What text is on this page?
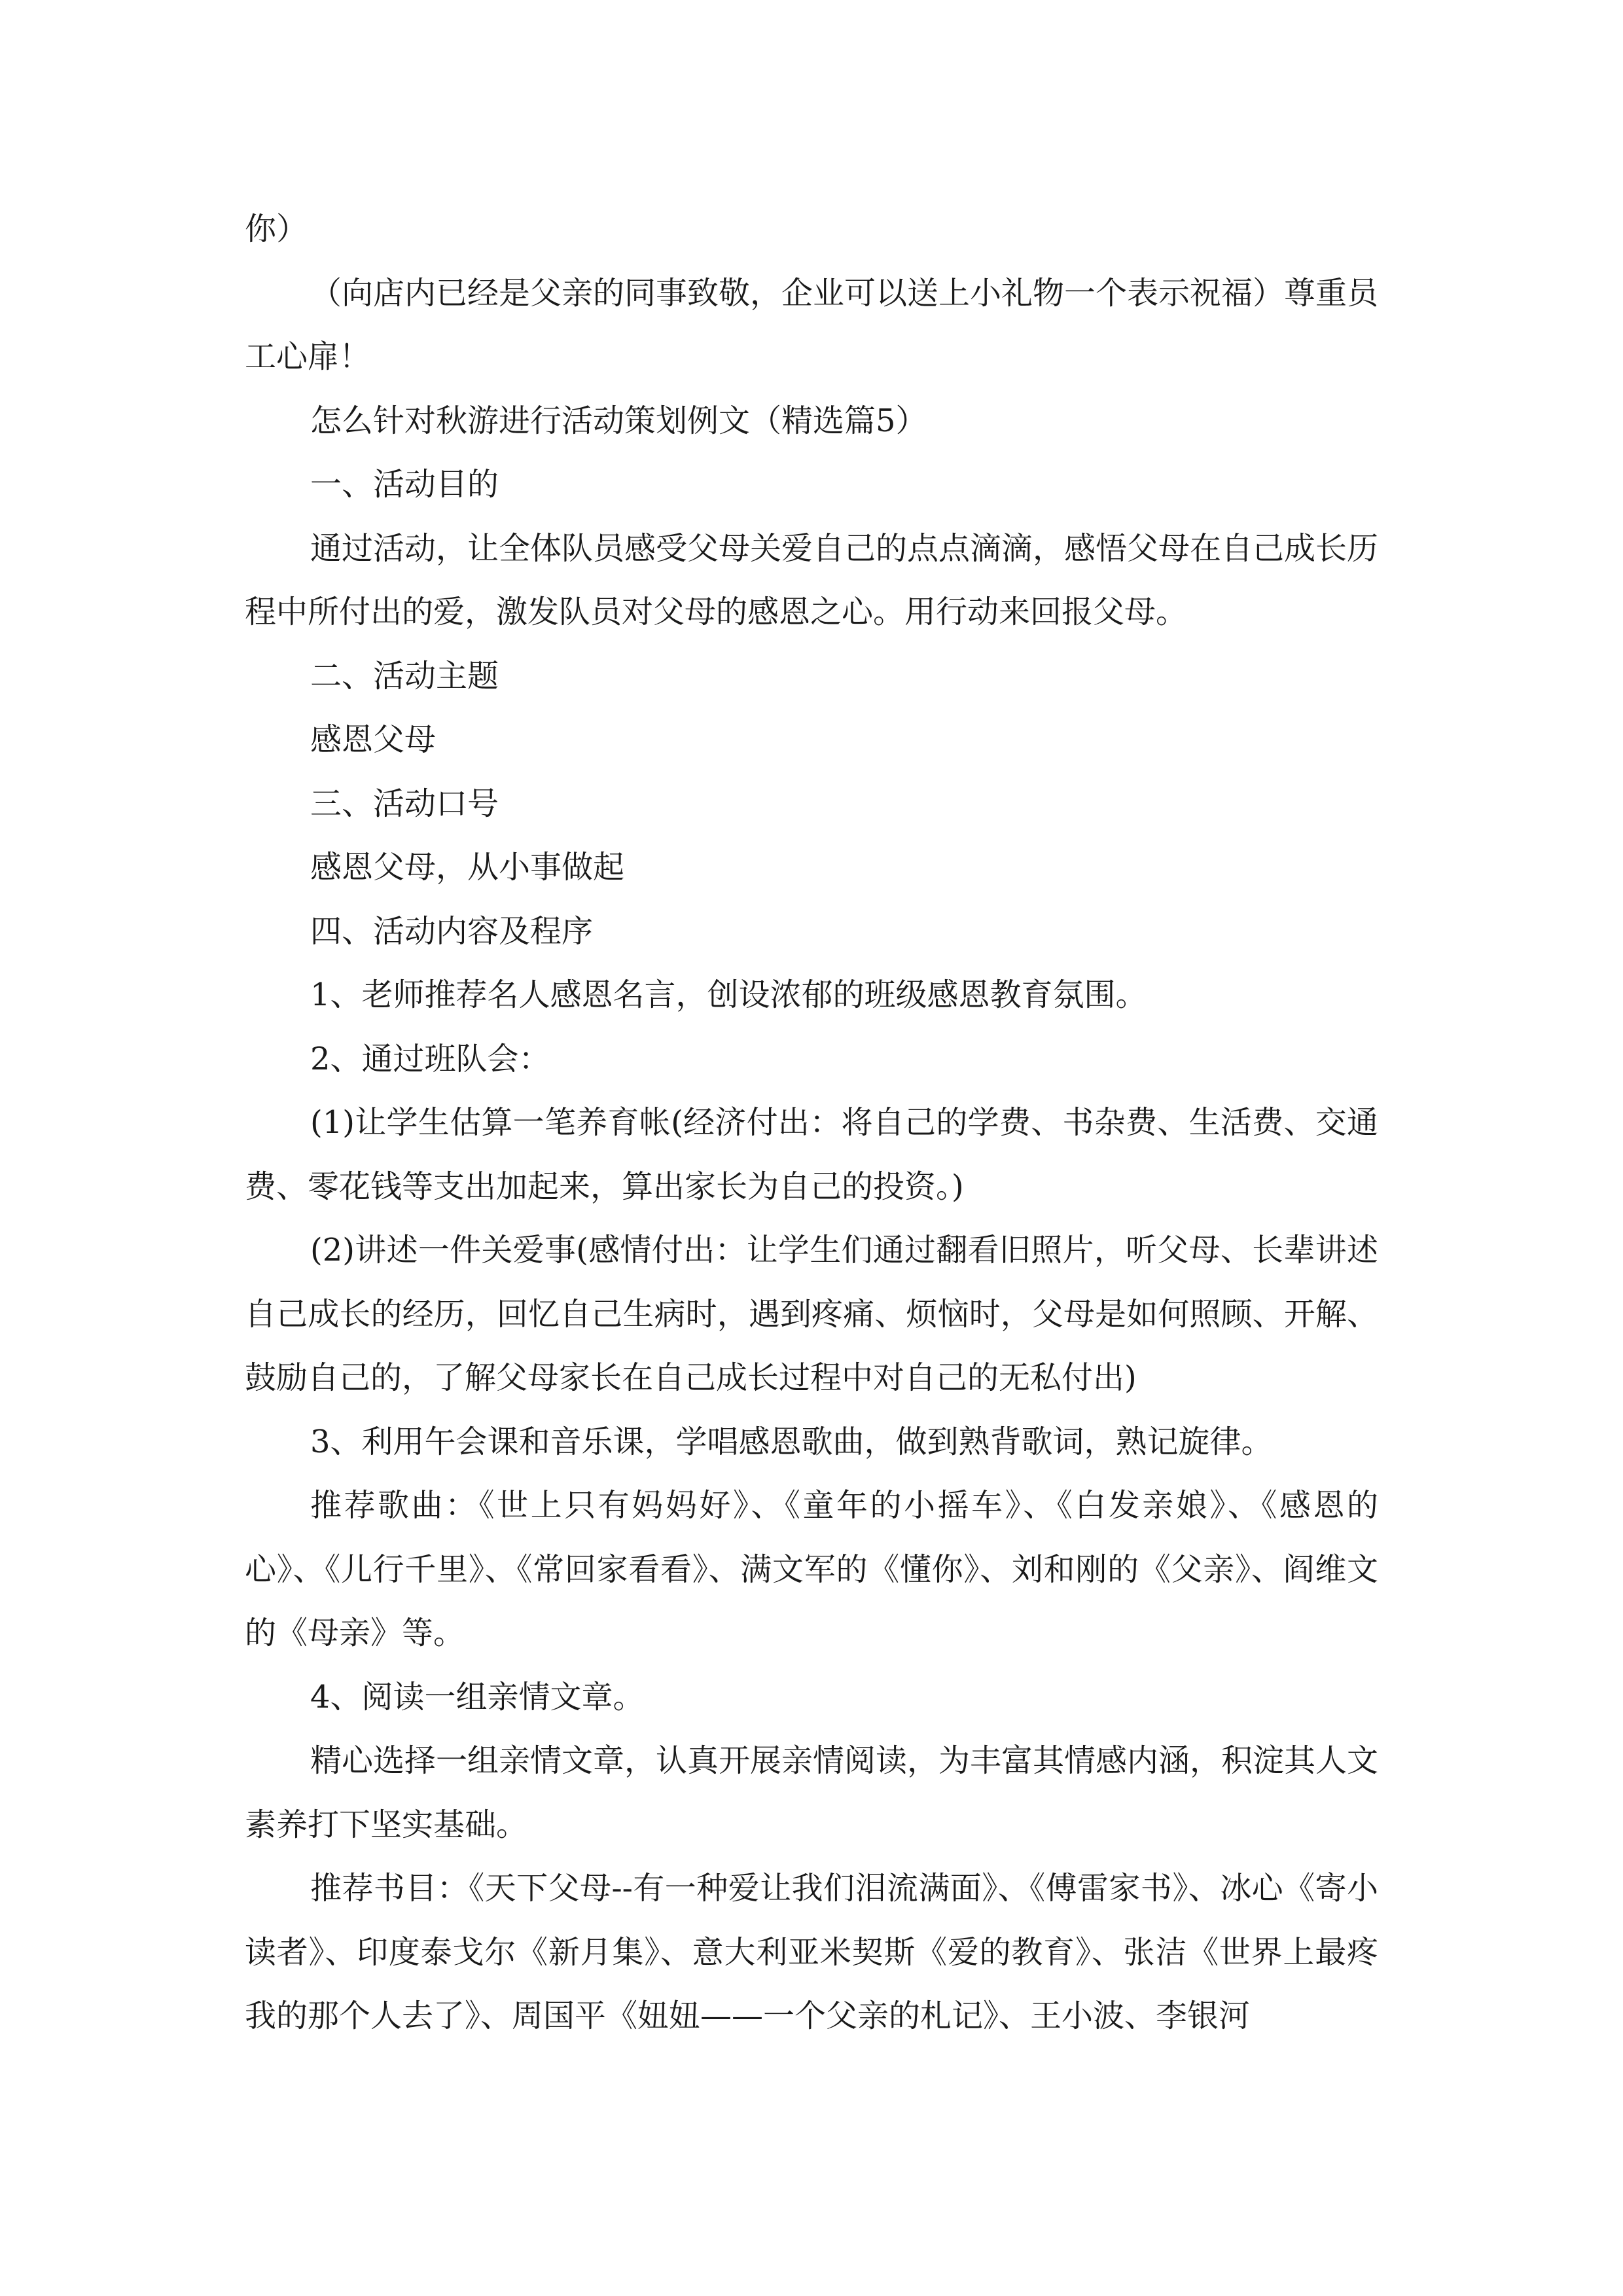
你）

（向店内已经是父亲的同事致敬，企业可以送上小礼物一个表示祝福）尊重员工心扉！

怎么针对秋游进行活动策划例文（精选篇5）

一、活动目的

通过活动，让全体队员感受父母关爱自己的点点滴滴，感悟父母在自己成长历程中所付出的爱，激发队员对父母的感恩之心。用行动来回报父母。

二、活动主题

感恩父母

三、活动口号

感恩父母，从小事做起

四、活动内容及程序

1、老师推荐名人感恩名言，创设浓郁的班级感恩教育氛围。

2、通过班队会：

(1)让学生估算一笔养育帐(经济付出：将自己的学费、书杂费、生活费、交通费、零花钱等支出加起来，算出家长为自己的投资。)

(2)讲述一件关爱事(感情付出：让学生们通过翻看旧照片，听父母、长辈讲述自己成长的经历，回忆自己生病时，遇到疼痛、烦恼时，父母是如何照顾、开解、鼓励自己的，了解父母家长在自己成长过程中对自己的无私付出)

3、利用午会课和音乐课，学唱感恩歌曲，做到熟背歌词，熟记旋律。

推荐歌曲：《世上只有妈妈好》、《童年的小摇车》、《白发亲娘》、《感恩的心》、《儿行千里》、《常回家看看》、满文军的《懂你》、刘和刚的《父亲》、阎维文的《母亲》等。

4、阅读一组亲情文章。

精心选择一组亲情文章，认真开展亲情阅读，为丰富其情感内涵，积淀其人文素养打下坚实基础。

推荐书目：《天下父母--有一种爱让我们泪流满面》、《傅雷家书》、冰心《寄小读者》、印度泰戈尔《新月集》、意大利亚米契斯《爱的教育》、张洁《世界上最疼我的那个人去了》、周国平《妞妞——一个父亲的札记》、王小波、李银河
